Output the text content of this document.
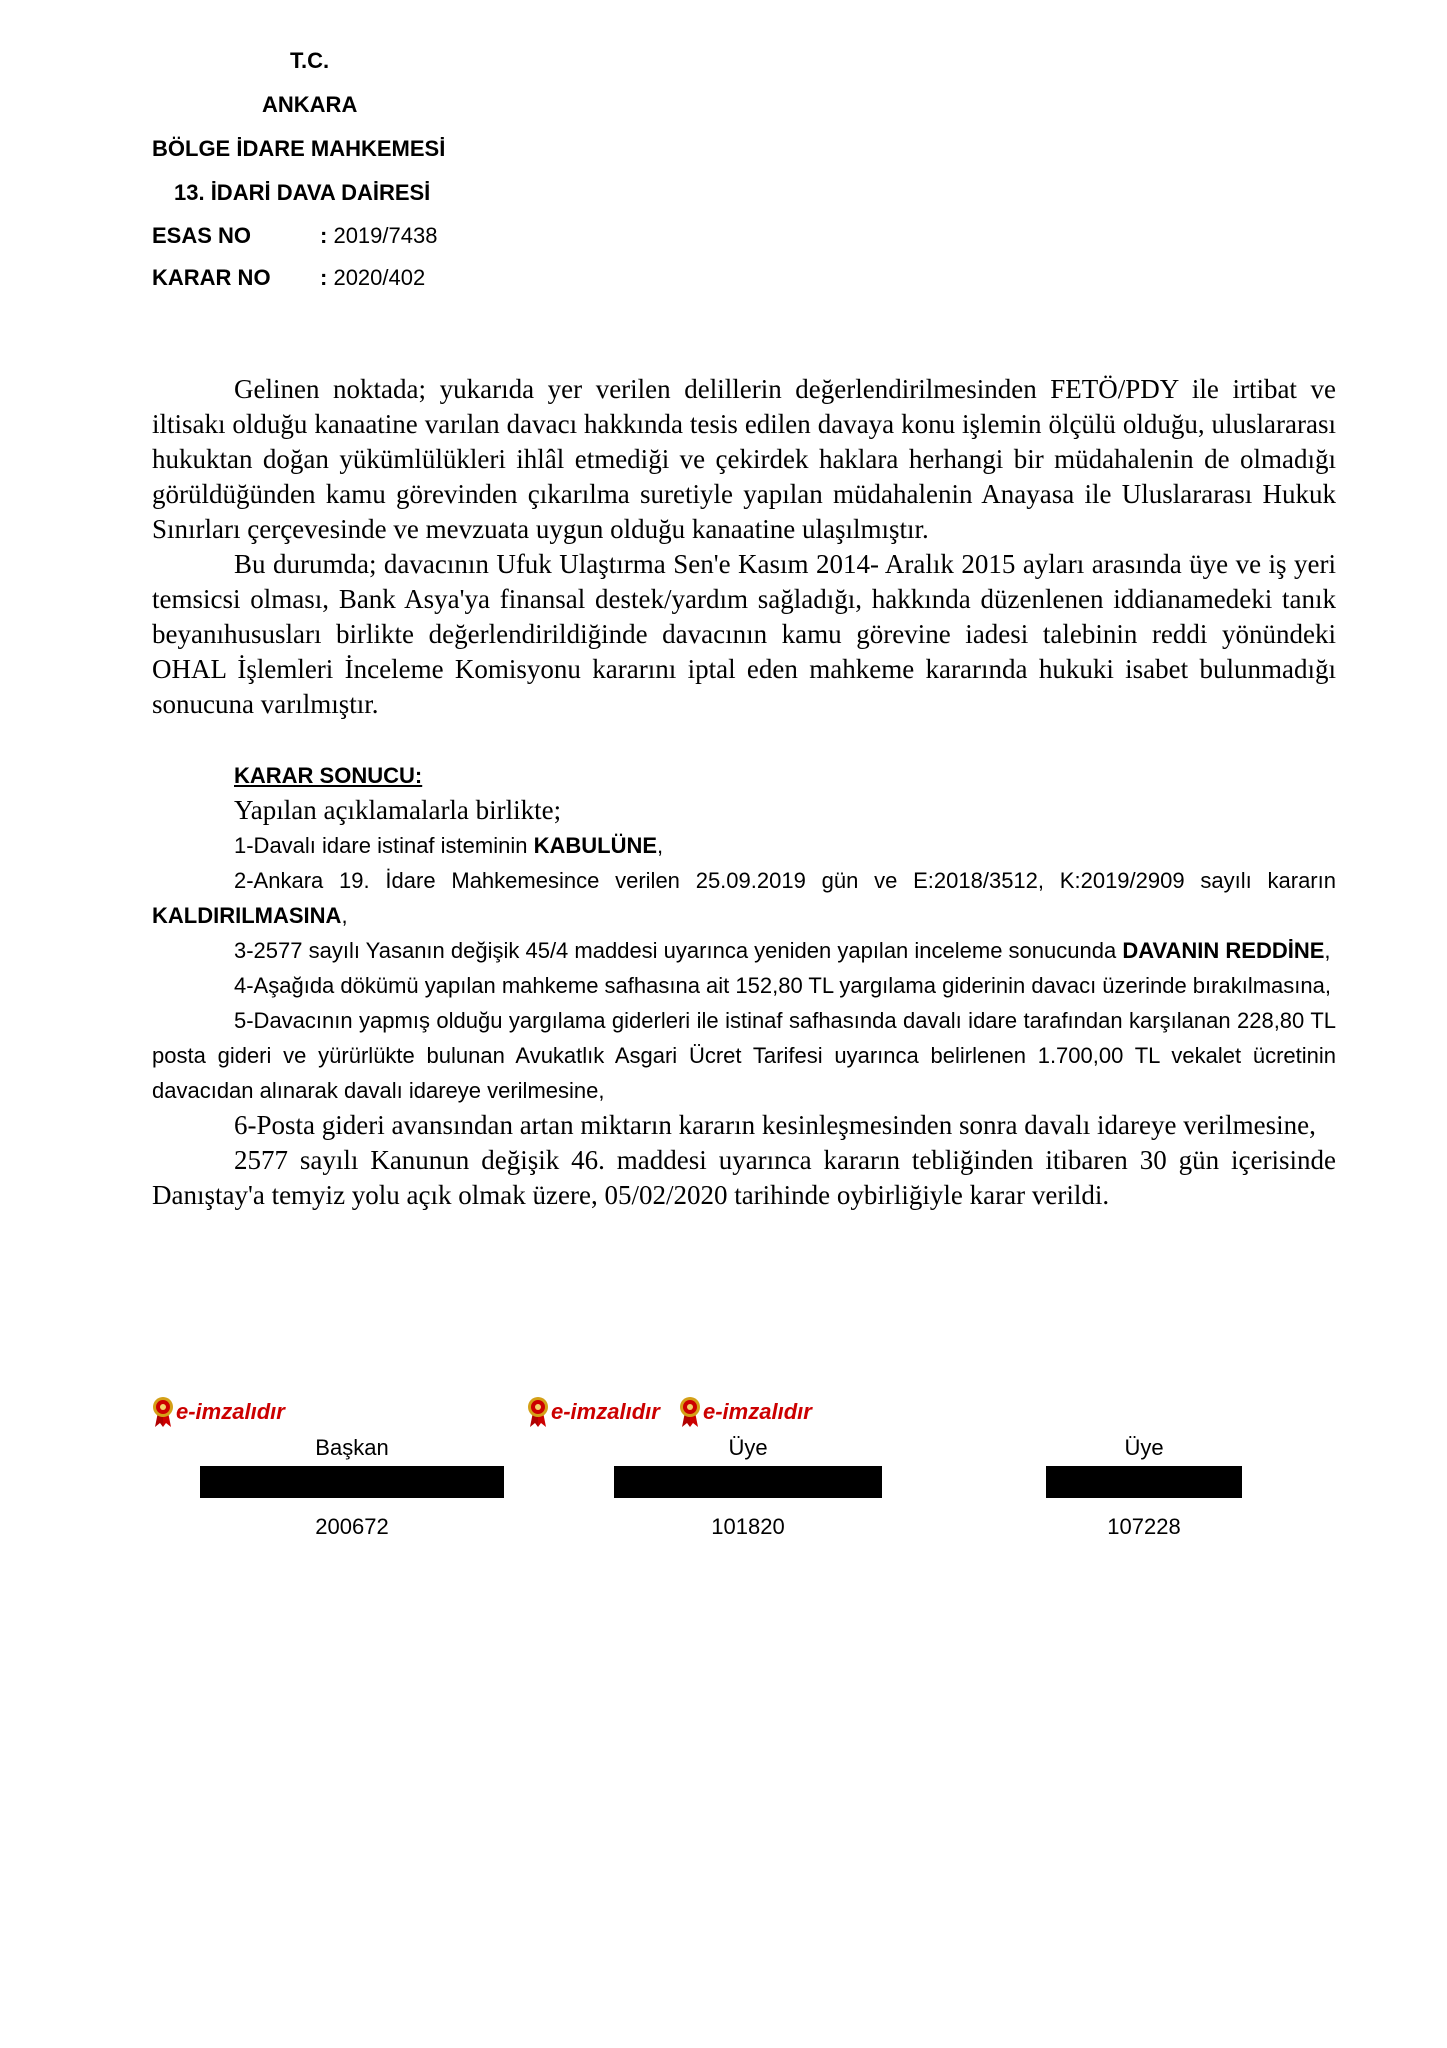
T.C.
ANKARA
BÖLGE İDARE MAHKEMESİ
13. İDARİ DAVA DAİRESİ
ESAS NO	: 2019/7438
KARAR NO : 2020/402

Gelinen noktada; yukarıda yer verilen delillerin değerlendirilmesinden FETÖ/PDY ile irtibat ve iltisakı olduğu kanaatine varılan davacı hakkında tesis edilen davaya konu işlemin ölçülü olduğu, uluslararası hukuktan doğan yükümlülükleri ihlâl etmediği ve çekirdek haklara herhangi bir müdahalenin de olmadığı görüldüğünden kamu görevinden çıkarılma suretiyle yapılan müdahalenin Anayasa ile Uluslararası Hukuk Sınırları çerçevesinde ve mevzuata uygun olduğu kanaatine ulaşılmıştır.

Bu durumda; davacının Ufuk Ulaştırma Sen'e Kasım 2014- Aralık 2015 ayları arasında üye ve iş yeri temsicsi olması, Bank Asya'ya finansal destek/yardım sağladığı, hakkında düzenlenen iddianamedeki tanık beyanıhususları birlikte değerlendirildiğinde davacının kamu görevine iadesi talebinin reddi yönündeki OHAL İşlemleri İnceleme Komisyonu kararını iptal eden mahkeme kararında hukuki isabet bulunmadığı sonucuna varılmıştır.

KARAR SONUCU:

Yapılan açıklamalarla birlikte;

1-Davalı idare istinaf isteminin KABULÜNE,

2-Ankara 19. İdare Mahkemesince verilen 25.09.2019 gün ve E:2018/3512, K:2019/2909 sayılı kararın KALDIRILMASINA,

3-2577 sayılı Yasanın değişik 45/4 maddesi uyarınca yeniden yapılan inceleme sonucunda DAVANIN REDDİNE,

4-Aşağıda dökümü yapılan mahkeme safhasına ait 152,80 TL yargılama giderinin davacı üzerinde bırakılmasına,

5-Davacının yapmış olduğu yargılama giderleri ile istinaf safhasında davalı idare tarafından karşılanan 228,80 TL posta gideri ve yürürlükte bulunan Avukatlık Asgari Ücret Tarifesi uyarınca belirlenen 1.700,00 TL vekalet ücretinin davacıdan alınarak davalı idareye verilmesine,

6-Posta gideri avansından artan miktarın kararın kesinleşmesinden sonra davalı idareye verilmesine,

2577 sayılı Kanunun değişik 46. maddesi uyarınca kararın tebliğinden itibaren 30 gün içerisinde Danıştay'a temyiz yolu açık olmak üzere, 05/02/2020 tarihinde oybirliğiyle karar verildi.

e-imzalıdır	e-imzalıdır e-imzalıdır
Başkan
200672
Üye
101820
Üye
107228
